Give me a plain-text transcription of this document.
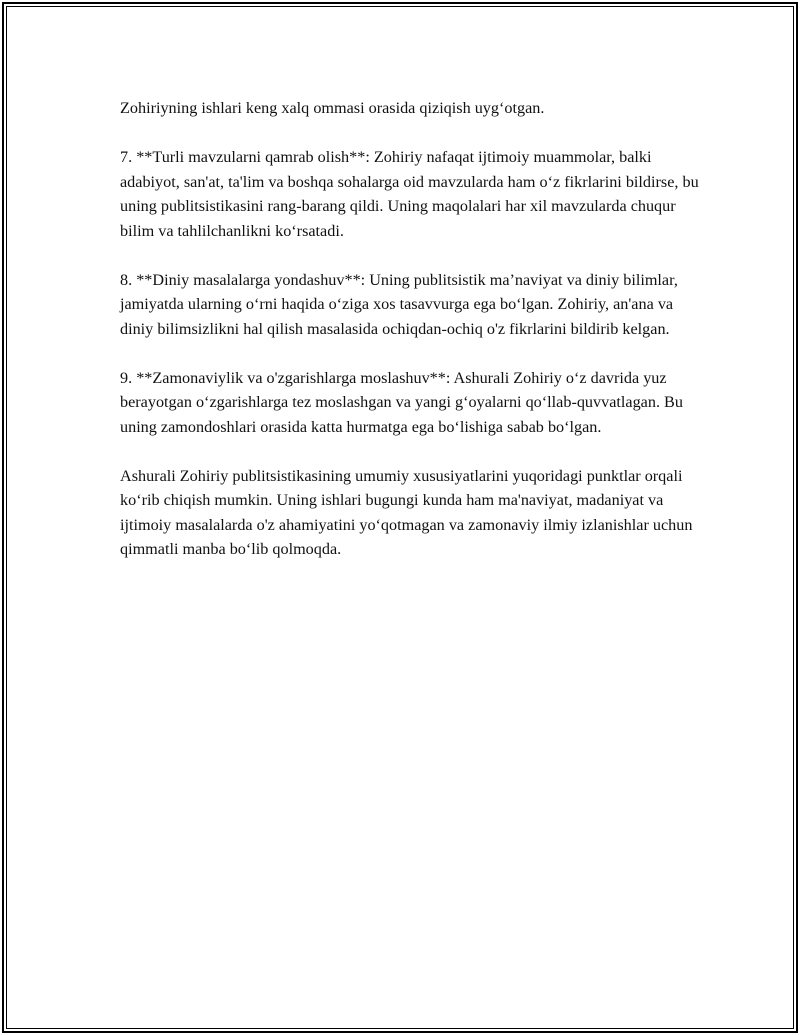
Zohiriyning ishlari keng xalq ommasi orasida qiziqish uyg‘otgan.

7. **Turli mavzularni qamrab olish**: Zohiriy nafaqat ijtimoiy muammolar, balki adabiyot, san'at, ta'lim va boshqa sohalarga oid mavzularda ham o‘z fikrlarini bildirse, bu uning publitsistikasini rang-barang qildi. Uning maqolalari har xil mavzularda chuqur bilim va tahlilchanlikni ko‘rsatadi.

8. **Diniy masalalarga yondashuv**: Uning publitsistik ma’naviyat va diniy bilimlar, jamiyatda ularning o‘rni haqida o‘ziga xos tasavvurga ega bo‘lgan. Zohiriy, an'ana va diniy bilimsizlikni hal qilish masalasida ochiqdan-ochiq o'z fikrlarini bildirib kelgan.

9. **Zamonaviylik va o'zgarishlarga moslashuv**: Ashurali Zohiriy o‘z davrida yuz berayotgan o‘zgarishlarga tez moslashgan va yangi g‘oyalarni qo‘llab-quvvatlagan. Bu uning zamondoshlari orasida katta hurmatga ega bo‘lishiga sabab bo‘lgan.

Ashurali Zohiriy publitsistikasining umumiy xususiyatlarini yuqoridagi punktlar orqali ko‘rib chiqish mumkin. Uning ishlari bugungi kunda ham ma'naviyat, madaniyat va ijtimoiy masalalarda o'z ahamiyatini yo‘qotmagan va zamonaviy ilmiy izlanishlar uchun qimmatli manba bo‘lib qolmoqda.
